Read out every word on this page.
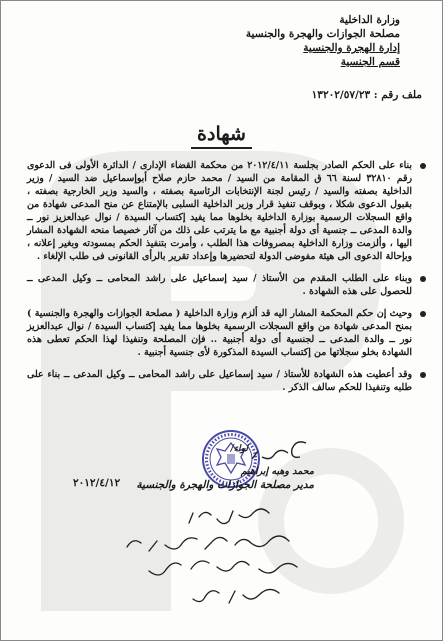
وزارة الداخلية
مصلحة الجوازات والهجرة والجنسية
إدارة الهجرة والجنسية
قسم الجنسية
ملف رقم : ١٣٢٠٢/٥٧/٢٣
شهادة
بناء على الحكم الصادر بجلسة ٢٠١٢/٤/١١ من محكمة القضاء الإدارى / الدائرة الأولى فى الدعوى رقم ٣٢٨١٠ لسنة ٦٦ ق المقامة من السيد / محمد حازم صلاح أبوإسماعيل ضد السيد / وزير الداخلية بصفته والسيد / رئيس لجنة الإنتخابات الرئاسية بصفته ، والسيد وزير الخارجية بصفته ، بقبول الدعوى شكلا ، وبوقف تنفيذ قرار وزير الداخلية السلبى بالإمتناع عن منح المدعى شهادة من واقع السجلات الرسمية بوزارة الداخلية بخلوها مما يفيد إكتساب السيدة / نوال عبدالعزيز نور ــ والدة المدعى ــ جنسية أى دولة أجنبية مع ما يترتب على ذلك من آثار خصيصا منحه الشهادة المشار اليها ، وألزمت وزارة الداخلية بمصروفات هذا الطلب ، وأمرت بتنفيذ الحكم بمسودته وبغير إعلانه ، وبإحالة الدعوى الى هيئة مفوضى الدولة لتحضيرها وإعداد تقرير بالرأى القانونى فى طلب الإلغاء .
وبناء على الطلب المقدم من الأستاذ / سيد إسماعيل على راشد المحامى ــ وكيل المدعى ــ للحصول على هذه الشهادة .
وحيث إن حكم المحكمة المشار اليه قد ألزم وزارة الداخلية ( مصلحة الجوازات والهجرة والجنسية ) بمنح المدعى شهادة من واقع السجلات الرسمية بخلوها مما يفيد إكتساب السيدة / نوال عبدالعزيز نور ــ والدة المدعى ــ لجنسية أى دولة أجنبية .. فإن المصلحة وتنفيذا لهذا الحكم تعطى هذه الشهادة بخلو سجلاتها من إكتساب السيدة المذكورة لأى جنسية أجنبية .
وقد أعطيت هذه الشهادة للأستاذ / سيد إسماعيل على راشد المحامى ــ وكيل المدعى ــ بناء على طلبه وتنفيذا للحكم سالف الذكر .
لواء/
محمد وهبه إبراهيم
مدير مصلحة الجوازات والهجرة والجنسية
٢٠١٢/٤/١٢
